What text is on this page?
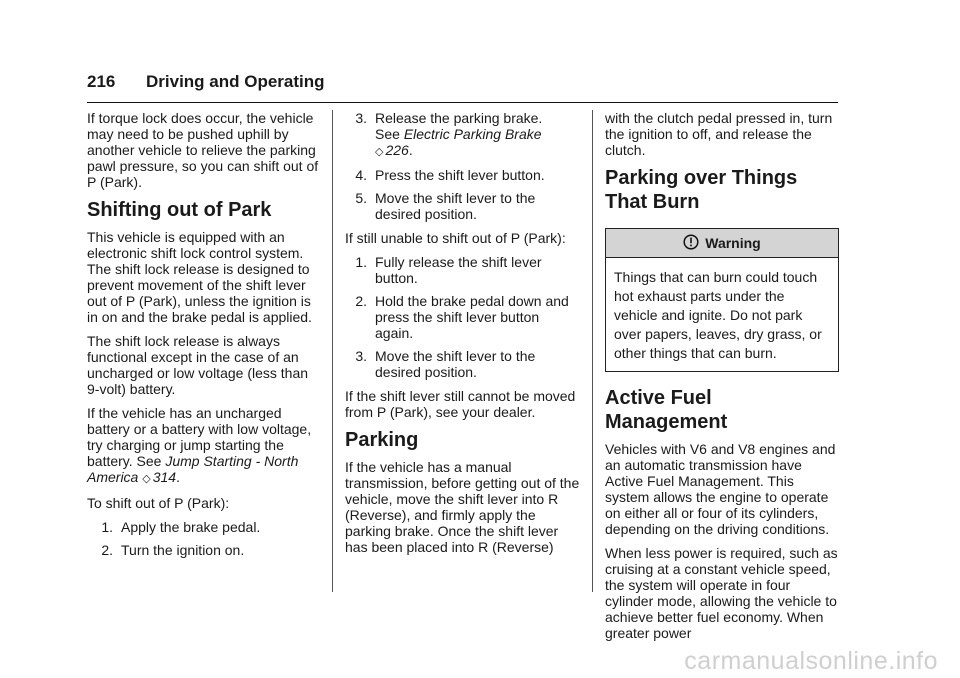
216 Driving and Operating

If torque lock does occur, the vehicle may need to be pushed uphill by another vehicle to relieve the parking pawl pressure, so you can shift out of P (Park).

Shifting out of Park

This vehicle is equipped with an electronic shift lock control system. The shift lock release is designed to prevent movement of the shift lever out of P (Park), unless the ignition is in on and the brake pedal is applied.

The shift lock release is always functional except in the case of an uncharged or low voltage (less than 9-volt) battery.

If the vehicle has an uncharged battery or a battery with low voltage, try charging or jump starting the battery. See Jump Starting - North America ◇ 314.

To shift out of P (Park):

1. Apply the brake pedal.
2. Turn the ignition on.
3. Release the parking brake.
See Electric Parking Brake
◇ 226.
4. Press the shift lever button.
5. Move the shift lever to the desired position.

If still unable to shift out of P (Park):

1. Fully release the shift lever button.
2. Hold the brake pedal down and press the shift lever button again.
3. Move the shift lever to the desired position.

If the shift lever still cannot be moved from P (Park), see your dealer.

Parking

If the vehicle has a manual transmission, before getting out of the vehicle, move the shift lever into R (Reverse), and firmly apply the parking brake. Once the shift lever has been placed into R (Reverse)

with the clutch pedal pressed in, turn the ignition to off, and release the clutch.

Parking over Things That Burn
Warning
Things that can burn could touch hot exhaust parts under the vehicle and ignite. Do not park over papers, leaves, dry grass, or other things that can burn.
Active Fuel Management

Vehicles with V6 and V8 engines and an automatic transmission have Active Fuel Management. This system allows the engine to operate on either all or four of its cylinders, depending on the driving conditions.

When less power is required, such as cruising at a constant vehicle speed, the system will operate in four cylinder mode, allowing the vehicle to achieve better fuel economy. When greater power

carmanualsonline.info
